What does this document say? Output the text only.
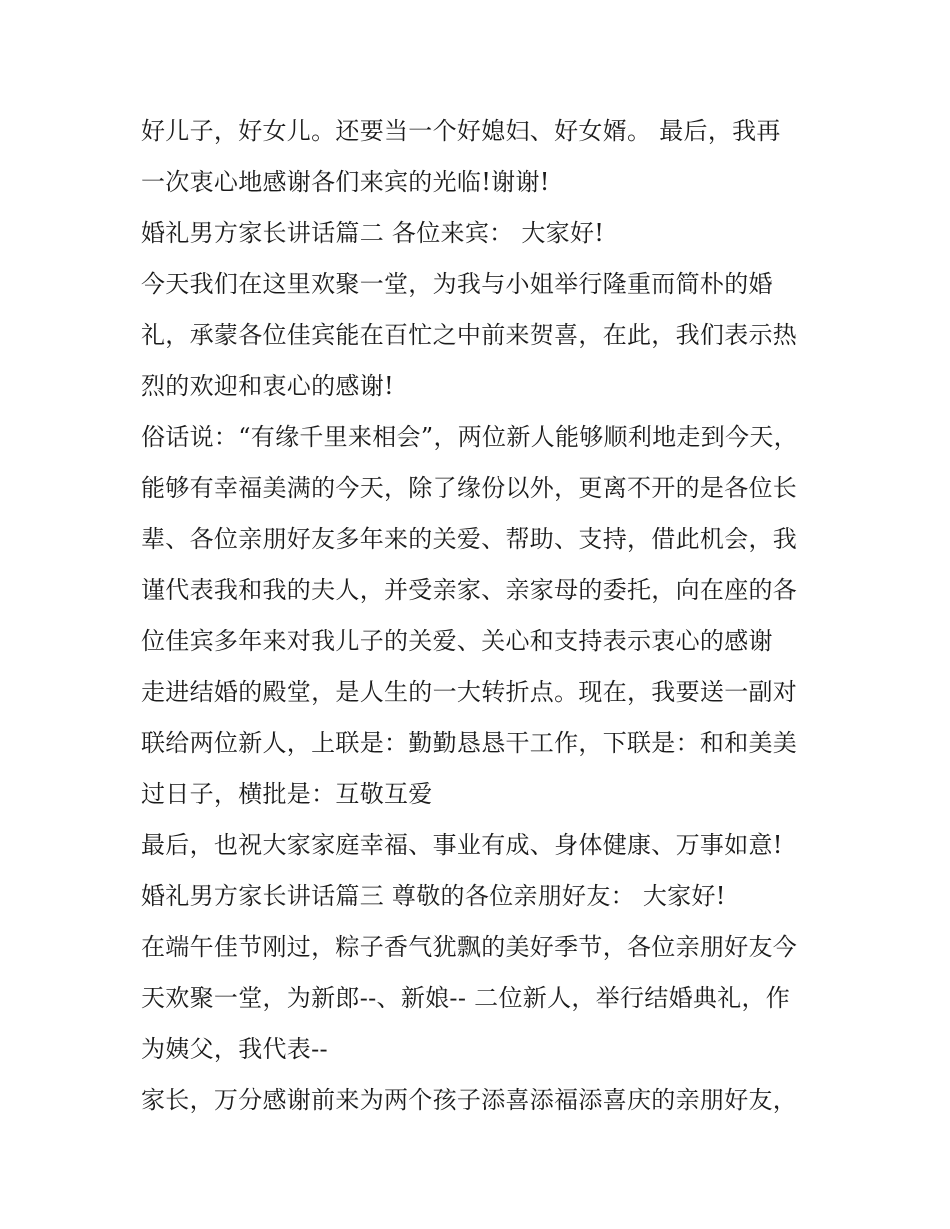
好儿子，好女儿。还要当一个好媳妇、好女婿。 最后，我再
一次衷心地感谢各们来宾的光临!谢谢!
婚礼男方家长讲话篇二 各位来宾： 大家好!
今天我们在这里欢聚一堂，为我与小姐举行隆重而简朴的婚
礼，承蒙各位佳宾能在百忙之中前来贺喜，在此，我们表示热
烈的欢迎和衷心的感谢!
俗话说：“有缘千里来相会”，两位新人能够顺利地走到今天，
能够有幸福美满的今天，除了缘份以外，更离不开的是各位长
辈、各位亲朋好友多年来的关爱、帮助、支持，借此机会，我
谨代表我和我的夫人，并受亲家、亲家母的委托，向在座的各
位佳宾多年来对我儿子的关爱、关心和支持表示衷心的感谢
走进结婚的殿堂，是人生的一大转折点。现在，我要送一副对
联给两位新人，上联是：勤勤恳恳干工作，下联是：和和美美
过日子，横批是：互敬互爱
最后，也祝大家家庭幸福、事业有成、身体健康、万事如意!
婚礼男方家长讲话篇三 尊敬的各位亲朋好友： 大家好!
在端午佳节刚过，粽子香气犹飘的美好季节，各位亲朋好友今
天欢聚一堂，为新郎--、新娘-- 二位新人，举行结婚典礼，作
为姨父，我代表--
家长，万分感谢前来为两个孩子添喜添福添喜庆的亲朋好友，
